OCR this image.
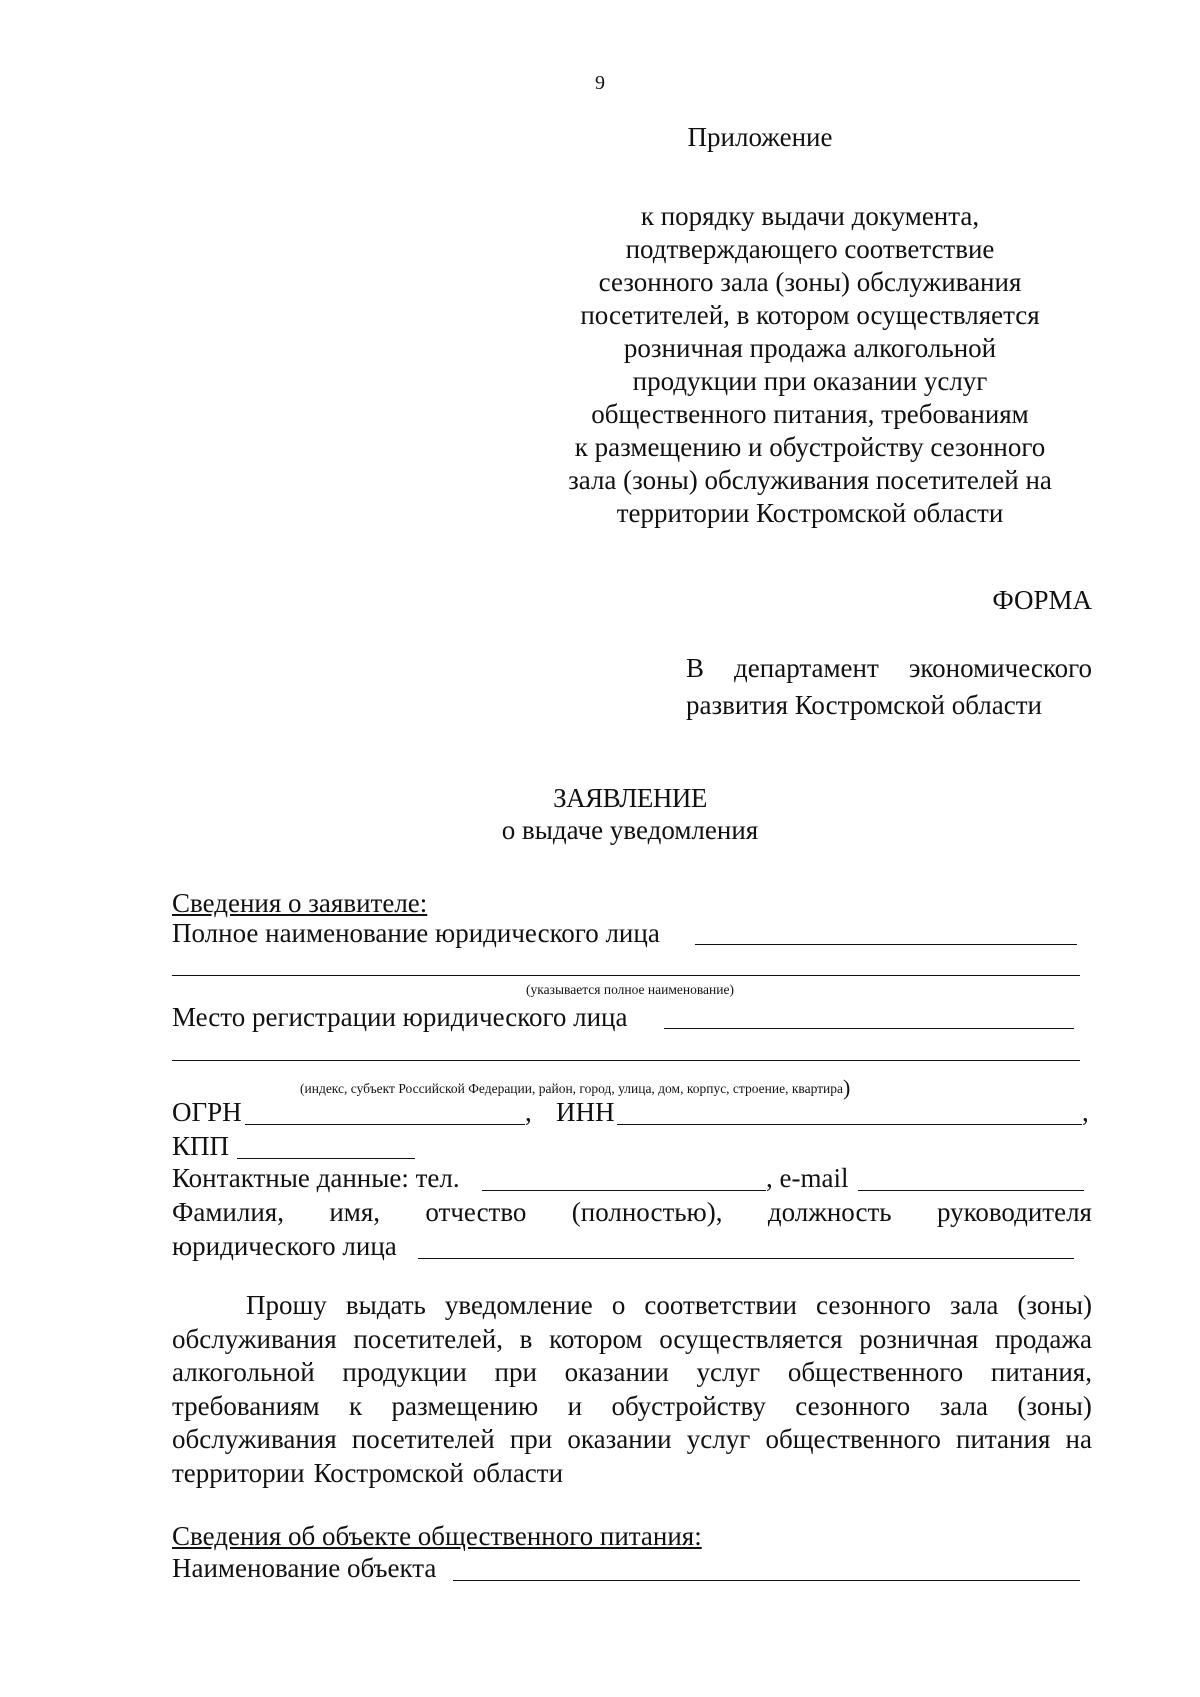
9
Приложение
к порядку выдачи документа,
подтверждающего соответствие
сезонного зала (зоны) обслуживания
посетителей, в котором осуществляется
розничная продажа алкогольной
продукции при оказании услуг
общественного питания, требованиям
к размещению и обустройству сезонного
зала (зоны) обслуживания посетителей на
территории Костромской области
ФОРМА
В департамент экономического
развития Костромской области
ЗАЯВЛЕНИЕ
о выдаче уведомления
Сведения о заявителе:
Полное наименование юридического лица
(указывается полное наименование)
Место регистрации юридического лица
(индекс, субъект Российской Федерации, район, город, улица, дом, корпус, строение, квартира)
ОГРН	, ИНН	,
КПП
Контактные данные: тел.	, e-mail
Фамилия, имя, отчество (полностью), должность руководителя
юридического лица
Прошу выдать уведомление о соответствии сезонного зала (зоны)
обслуживания посетителей, в котором осуществляется розничная продажа
алкогольной продукции при оказании услуг общественного питания,
требованиям к размещению и обустройству сезонного зала (зоны)
обслуживания посетителей при оказании услуг общественного питания на
территории Костромской области
Сведения об объекте общественного питания:
Наименование объекта
